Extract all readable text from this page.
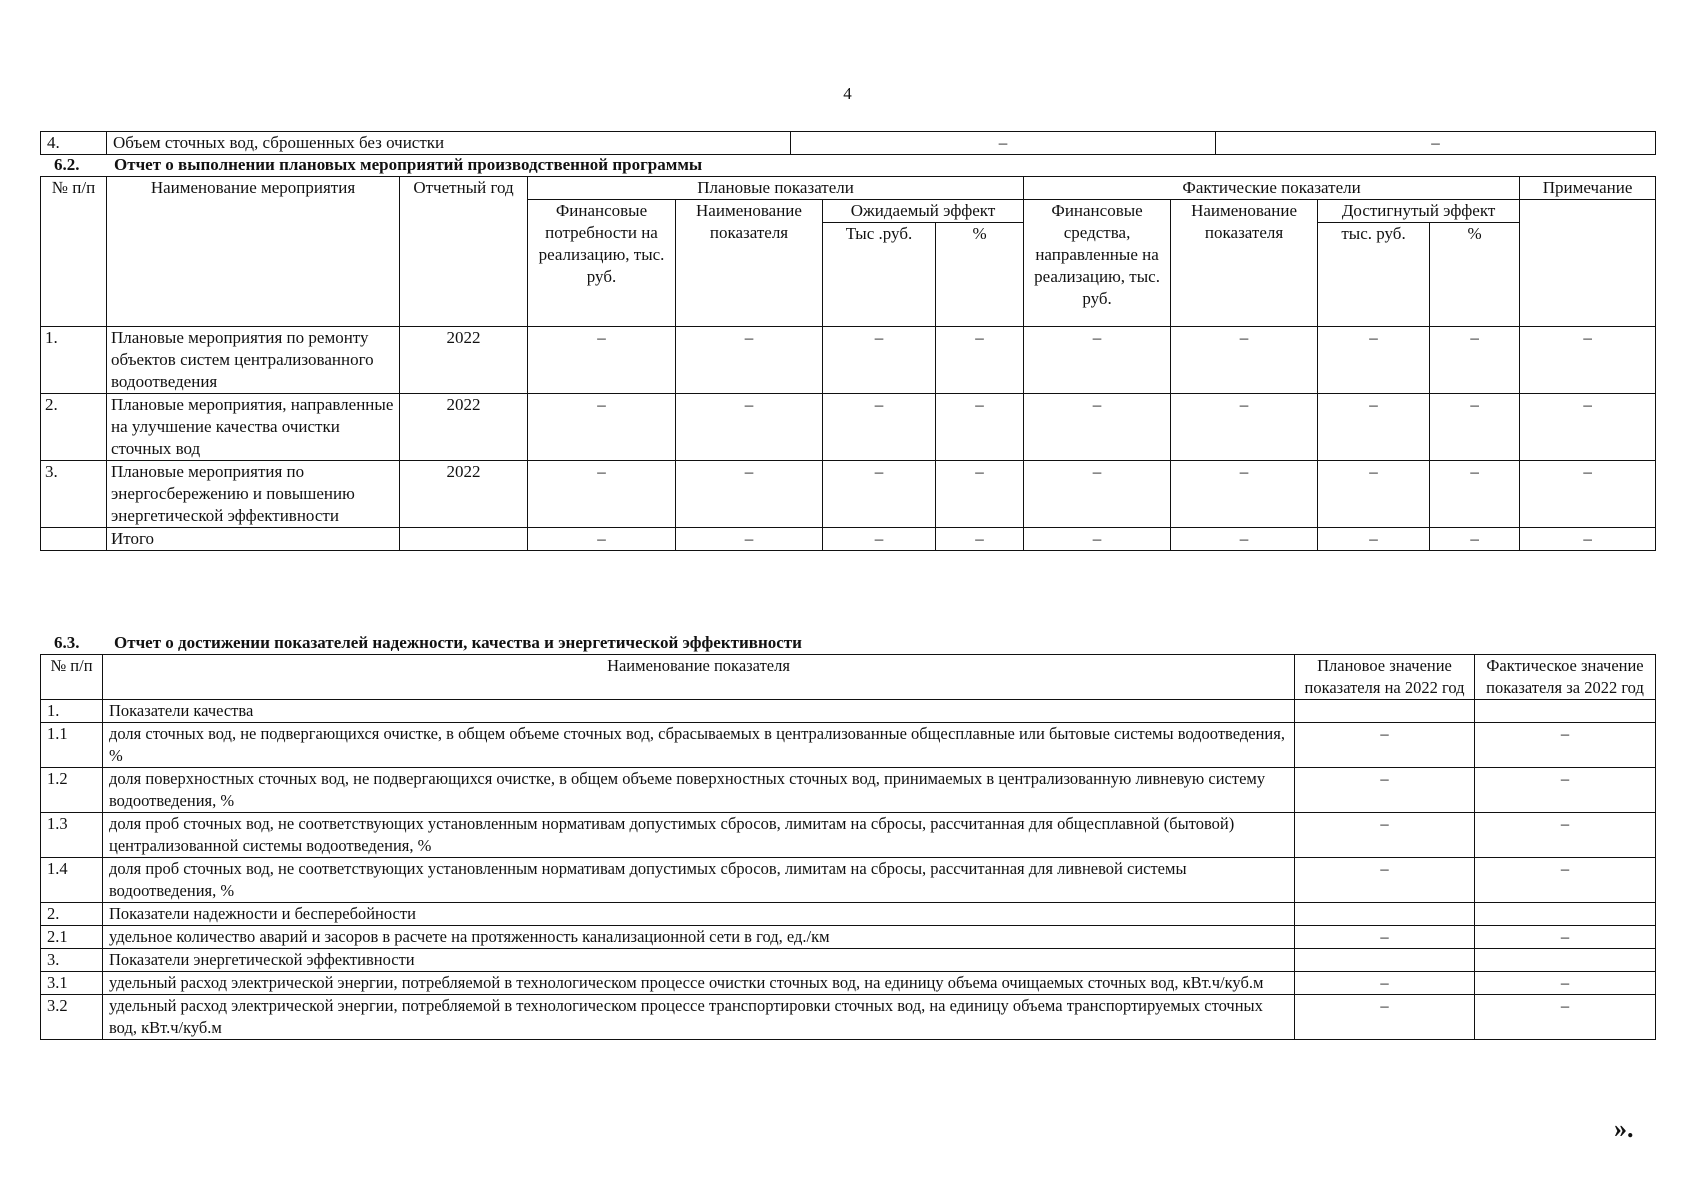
4
4.	Объем сточных вод, сброшенных без очистки	–	–
6.2. Отчет о выполнении плановых мероприятий производственной программы
№ п/п	Наименование мероприятия	Отчетный год	Плановые показатели				Фактические показатели				Примечание
			Финансовые потребности на реализацию, тыс. руб.	Наименование показателя	Ожидаемый эффект		Финансовые средства, направленные на реализацию, тыс. руб.	Наименование показателя	Достигнутый эффект		
					Тыс .руб.	%			тыс. руб.	%	
1.	Плановые мероприятия по ремонту объектов систем централизованного водоотведения	2022	–	–	–	–	–	–	–	–	–
2.	Плановые мероприятия, направленные на улучшение качества очистки сточных вод	2022	–	–	–	–	–	–	–	–	–
3.	Плановые мероприятия по энергосбережению и повышению энергетической эффективности	2022	–	–	–	–	–	–	–	–	–
	Итого		–	–	–	–	–	–	–	–	–
6.3. Отчет о достижении показателей надежности, качества и энергетической эффективности
№ п/п	Наименование показателя	Плановое значение показателя на 2022 год	Фактическое значение показателя за 2022 год
1.	Показатели качества		
1.1	доля сточных вод, не подвергающихся очистке, в общем объеме сточных вод, сбрасываемых в централизованные общесплавные или бытовые системы водоотведения, %	–	–
1.2	доля поверхностных сточных вод, не подвергающихся очистке, в общем объеме поверхностных сточных вод, принимаемых в централизованную ливневую систему водоотведения, %	–	–
1.3	доля проб сточных вод, не соответствующих установленным нормативам допустимых сбросов, лимитам на сбросы, рассчитанная для общесплавной (бытовой) централизованной системы водоотведения, %	–	–
1.4	доля проб сточных вод, не соответствующих установленным нормативам допустимых сбросов, лимитам на сбросы, рассчитанная для ливневой системы водоотведения, %	–	–
2.	Показатели надежности и бесперебойности		
2.1	удельное количество аварий и засоров в расчете на протяженность канализационной сети в год, ед./км	–	–
3.	Показатели энергетической эффективности		
3.1	удельный расход электрической энергии, потребляемой в технологическом процессе очистки сточных вод, на единицу объема очищаемых сточных вод, кВт.ч/куб.м	–	–
3.2	удельный расход электрической энергии, потребляемой в технологическом процессе транспортировки сточных вод, на единицу объема транспортируемых сточных вод, кВт.ч/куб.м	–	–
».
